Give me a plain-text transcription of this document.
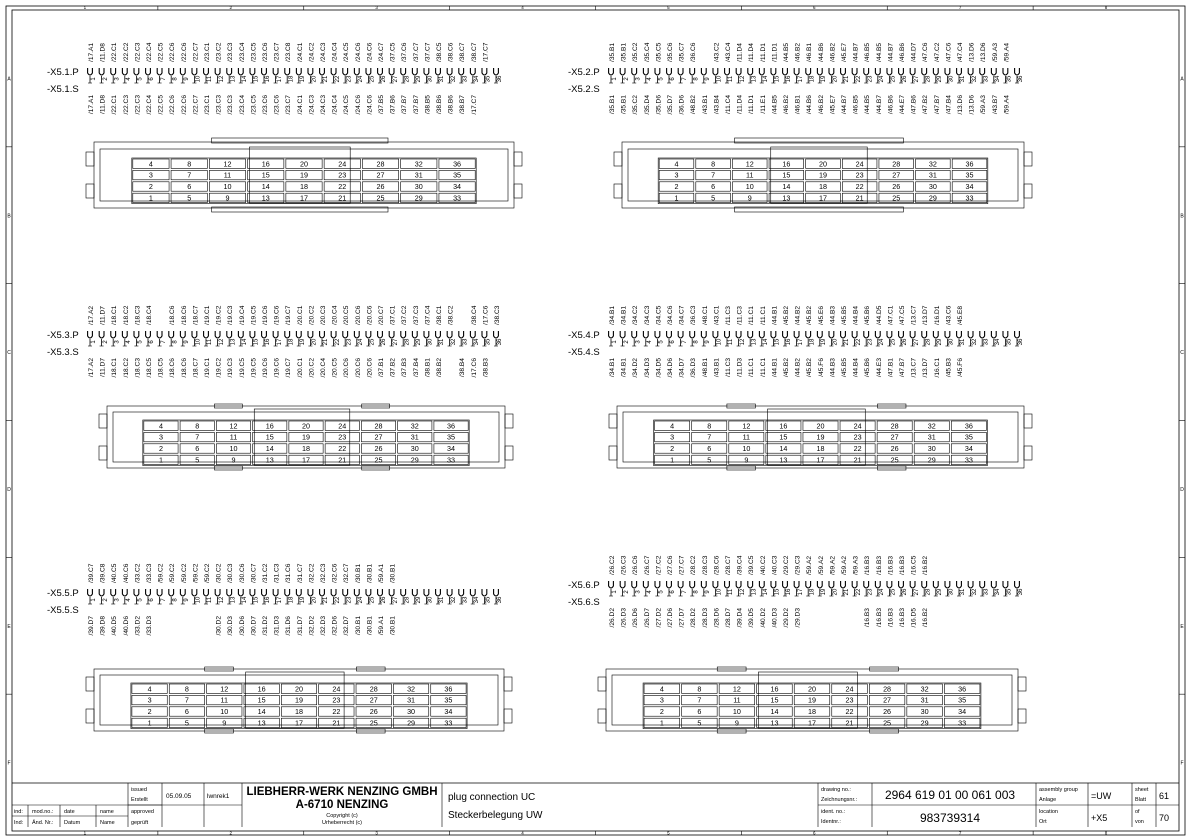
1
1
2
2
3
3
4
4
5
5
6
6
7
7
8
8
A	A
B	B
C	C
D	D
E	E
F	F
-X5.1.P
-X5.1.S
/17.A1 /11.D8 /22.C1 /22.C2 /22.C3 /22.C4 /22.C5 /22.C6 /22.C6 /22.C7 /23.C1 /23.C2 /23.C3 /23.C4 /23.C5 /23.C6 /23.C7 /23.C8 /24.C1 /24.C2 /24.C3 /24.C4 /24.C5 /24.C6 /24.C6 /24.C7 /37.C5 /37.C6 /37.C7 /37.C7 /38.C5 /38.C6 /38.C7 /38.C7 /17.C7
/17.A1 /11.D8 /22.C1 /22.C3 /22.C3 /22.C4 /22.C5 /22.C6 /22.C6 /22.C7 /23.C1 /23.C3 /23.C3 /23.C4 /23.C5 /23.C6 /23.C6 /23.C7 /24.C1 /24.C3 /24.C3 /24.C4 /24.C5 /24.C6 /24.C6 /37.B5 /37.B6 /37.B7 /37.B7 /38.B5 /38.B6 /38.B6 /38.B7 /17.C7
1 2 3 4 5 6 7 8 9 10 11 12 13 14 15 16 17 18 19 20 21 22 23 24 25 26 27 28 29 30 31 32 33 34 35 36
4	8	12	16	20	24	28	32	36
3	7	11	15	19	23	27	31	35
2	6	10	14	18	22	26	30	34
1	5	9	13	17	21	25	29	33
-X5.2.P
-X5.2.S
/35.B1 /35.B1 /35.C2 /35.C4 /35.C5 /35.C6 /35.C7 /36.C6 /43.C2 /43.C4 /11.D4 /11.D4 /11.D1 /11.D1 /44.B5 /46.B2 /46.B1 /44.B6 /46.B2 /45.E7 /44.B7 /46.B5 /44.B5 /44.B7 /46.B6 /44.D7 /47.C6 /47.C2 /47.C6 /47.C4 /13.D6 /13.D6 /59.A3 /59.A4
/35.B1 /35.B1 /35.C2 /35.D4 /35.D6 /35.D7 /36.D6 /48.B2 /43.B1 /43.B4 /11.C4 /11.D4 /11.D1 /11.E1 /44.B5 /46.B2 /46.B1 /44.B6 /46.B2 /45.E7 /44.B7 /46.B5 /44.B5 /44.B7 /46.B6 /44.E7 /47.B6 /47.B2 /47.B7 /47.B4 /13.D6 /13.D6 /59.A3 /43.B7 /59.A4
1 2 3 4 5 6 7 8 9 10 11 12 13 14 15 16 17 18 19 20 21 22 23 24 25 26 27 28 29 30 31 32 33 34 35 36
4	8	12	16	20	24	28	32	36
3	7	11	15	19	23	27	31	35
2	6	10	14	18	22	26	30	34
1	5	9	13	17	21	25	29	33
-X5.3.P
-X5.3.S
/17.A2 /11.D7 /18.C1 /18.C2 /18.C3 /18.C4 /18.C6 /18.C6 /18.C7 /19.C1 /19.C2 /19.C3 /19.C4 /19.C5 /19.C6 /19.C6 /19.C7 /20.C1 /20.C2 /20.C3 /20.C4 /20.C5 /20.C6 /20.C6 /20.C7 /37.C1 /37.C2 /37.C3 /37.C4 /38.C1 /38.C2 /38.C4 /17.C6 /38.C3
/17.A2 /11.D7 /18.C1 /18.C2 /18.C3 /18.C5 /18.C5 /18.C6 /18.C6 /18.C7 /19.C1 /19.C2 /19.C3 /19.C5 /19.C5 /19.C6 /19.C6 /19.C7 /20.C1 /20.C2 /20.C4 /20.C5 /20.C6 /20.C6 /20.C6 /37.B1 /37.B2 /37.B3 /37.B4 /38.B1 /38.B2 /38.B4 /17.C6 /38.B3
1 2 3 4 5 6 7 8 9 10 11 12 13 14 15 16 17 18 19 20 21 22 23 24 25 26 27 28 29 30 31 32 33 34 35 36
4	8	12	16	20	24	28	32	36
3	7	11	15	19	23	27	31	35
2	6	10	14	18	22	26	30	34
1	5	9	13	17	21	25	29	33
-X5.4.P
-X5.4.S
/34.B1 /34.B1 /34.C2 /34.C3 /34.C5 /34.C6 /34.C7 /36.C3 /48.C1 /43.C1 /11.C3 /11.C3 /11.C1 /11.C1 /44.B1 /45.B2 /44.B2 /45.B2 /45.E6 /44.B3 /45.B5 /44.B4 /45.B6 /44.D5 /47.C1 /47.C5 /13.C7 /13.D7 /16.D1 /43.C6 /45.E8
/34.B1 /34.B1 /34.D2 /34.D3 /34.D5 /34.D6 /34.D7 /36.D3 /48.B1 /43.B1 /11.C3 /11.D3 /11.C1 /11.C1 /44.B1 /45.B2 /44.B2 /45.B2 /45.F6 /44.B3 /45.B5 /44.B4 /45.B6 /44.E3 /47.B1 /47.B7 /13.C7 /13.D7 /16.C1 /45.B3 /45.F6
1 2 3 4 5 6 7 8 9 10 11 12 13 14 15 16 17 18 19 20 21 22 23 24 25 26 27 28 29 30 31 32 33 34 35 36
4	8	12	16	20	24	28	32	36
3	7	11	15	19	23	27	31	35
2	6	10	14	18	22	26	30	34
1	5	9	13	17	21	25	29	33
-X5.5.P
-X5.5.S
/39.C7 /39.C8 /40.C5 /40.C6 /33.C2 /33.C3 /59.C2 /59.C2 /59.C2 /59.C2 /59.C2 /30.C2 /30.C3 /30.C6 /30.C7 /31.C2 /31.C3 /31.C6 /31.C7 /32.C2 /32.C3 /32.C6 /32.C7 /30.B1 /30.B1 /59.A1 /30.B1
/39.D7 /39.D8 /40.D5 /40.D6 /33.D2 /33.D3	/30.D2 /30.D3 /30.D6 /30.D7 /31.D2 /31.D3 /31.D6 /31.D7 /32.D2 /32.D3 /32.D6 /32.D7 /30.B1 /30.B1 /59.A1 /30.B1
1 2 3 4 5 6 7 8 9 10 11 12 13 14 15 16 17 18 19 20 21 22 23 24 25 26 27 28 29 30 31 32 33 34 35 36
4	8	12	16	20	24	28	32	36
3	7	11	15	19	23	27	31	35
2	6	10	14	18	22	26	30	34
1	5	9	13	17	21	25	29	33
-X5.6.P
-X5.6.S
/26.C2 /26.C3 /26.C6 /26.C7 /27.C2 /27.C6 /27.C7 /28.C2 /28.C3 /28.C6 /28.C7 /39.C4 /39.C5 /40.C2 /40.C3 /29.C2 /29.C3 /59.A2 /59.A2 /59.A2 /59.A2 /59.A3 /16.B3 /16.B3 /16.B3 /16.B3 /16.C5 /16.B2
/26.D2 /26.D3 /26.D6 /26.D7 /27.D2 /27.D6 /27.D7 /28.D2 /28.D3 /28.D6 /28.D7 /39.D4 /39.D5 /40.D2 /40.D3 /29.D2 /29.D3	/16.B3 /16.B3 /16.B3 /16.B3 /16.D5 /16.B2
1 2 3 4 5 6 7 8 9 10 11 12 13 14 15 16 17 18 19 20 21 22 23 24 25 26 27 28 29 30 31 32 33 34 35 36
4	8	12	16	20	24	28	32	36
3	7	11	15	19	23	27	31	35
2	6	10	14	18	22	26	30	34
1	5	9	13	17	21	25	29	33
ind:
Ind:
mod.no.:
Änd. Nr.:
date
Datum
name
Name
issued
Erstellt
approved
geprüft
05.09.05 lwnrek1 LIEBHERR-WERK NENZING GMBH
A-6710 NENZING
Copyright (c)
Urheberrecht (c)
plug connection UC
Steckerbelegung UW
drawing no.:
Zeichnungsnr.: 2964 619 01 00 061 003
ident. no.:
Identnr.:	983739314
assembly group
Anlage	=UW
location
Ort	+X5
sheet
Blatt 61
of
von 70
